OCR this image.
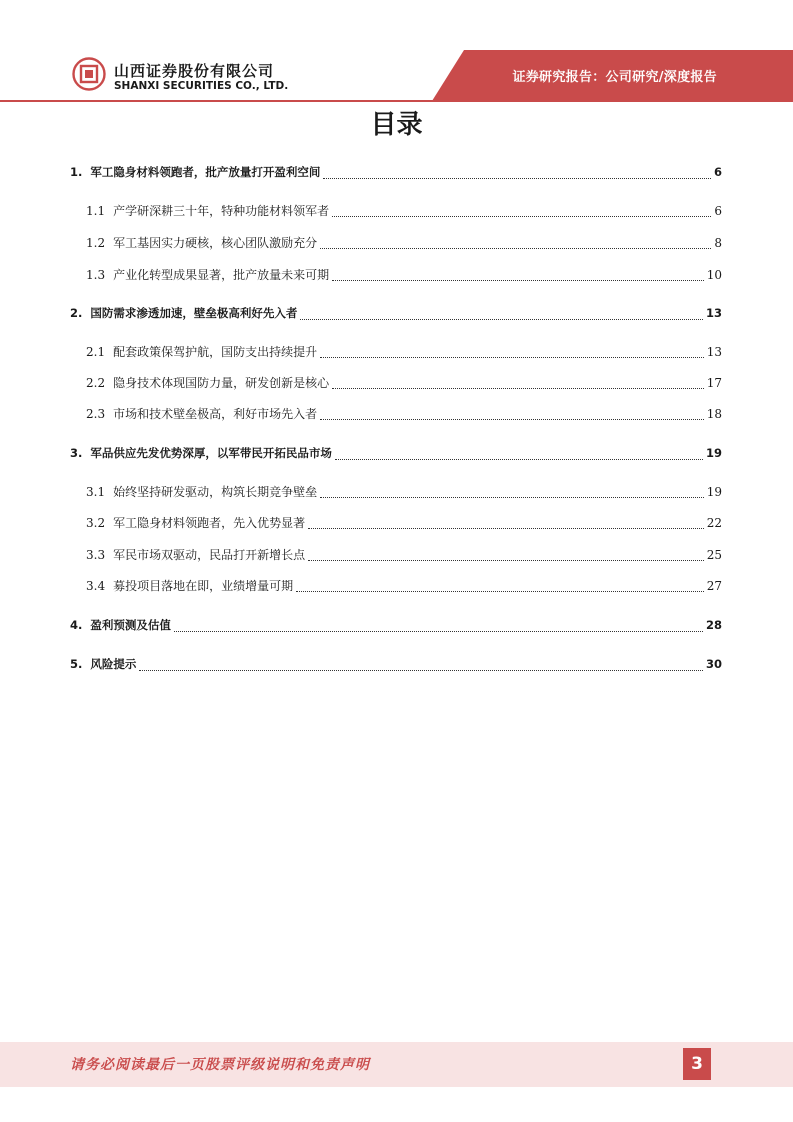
山西证券股份有限公司
SHANXI SECURITIES CO., LTD.
证券研究报告：公司研究/深度报告
目录
1. 军工隐身材料领跑者，批产放量打开盈利空间	6
1.1 产学研深耕三十年，特种功能材料领军者	6
1.2 军工基因实力硬核，核心团队激励充分	8
1.3 产业化转型成果显著，批产放量未来可期	10
2. 国防需求渗透加速，壁垒极高利好先入者	13
2.1 配套政策保驾护航，国防支出持续提升	13
2.2 隐身技术体现国防力量，研发创新是核心	17
2.3 市场和技术壁垒极高，利好市场先入者	18
3. 军品供应先发优势深厚，以军带民开拓民品市场	19
3.1 始终坚持研发驱动，构筑长期竞争壁垒	19
3.2 军工隐身材料领跑者，先入优势显著	22
3.3 军民市场双驱动，民品打开新增长点	25
3.4 募投项目落地在即，业绩增量可期	27
4. 盈利预测及估值	28
5. 风险提示	30
请务必阅读最后一页股票评级说明和免责声明	3
